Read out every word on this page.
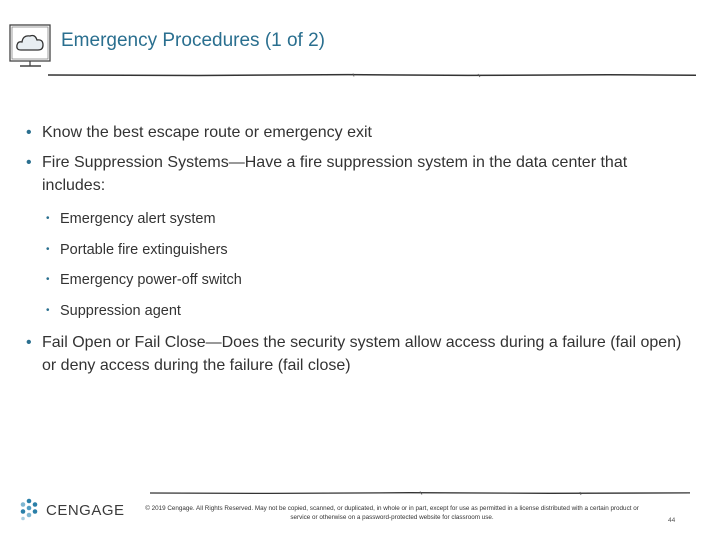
Emergency Procedures (1 of 2)
• Know the best escape route or emergency exit
• Fire Suppression Systems—Have a fire suppression system in the data center that includes:
• Emergency alert system
• Portable fire extinguishers
• Emergency power-off switch
• Suppression agent
• Fail Open or Fail Close—Does the security system allow access during a failure (fail open) or deny access during the failure (fail close)
CENGAGE	© 2019 Cengage. All Rights Reserved. May not be copied, scanned, or duplicated, in whole or in part, except for use as permitted in a license distributed with a certain product or service or otherwise on a password-protected website for classroom use.	44
